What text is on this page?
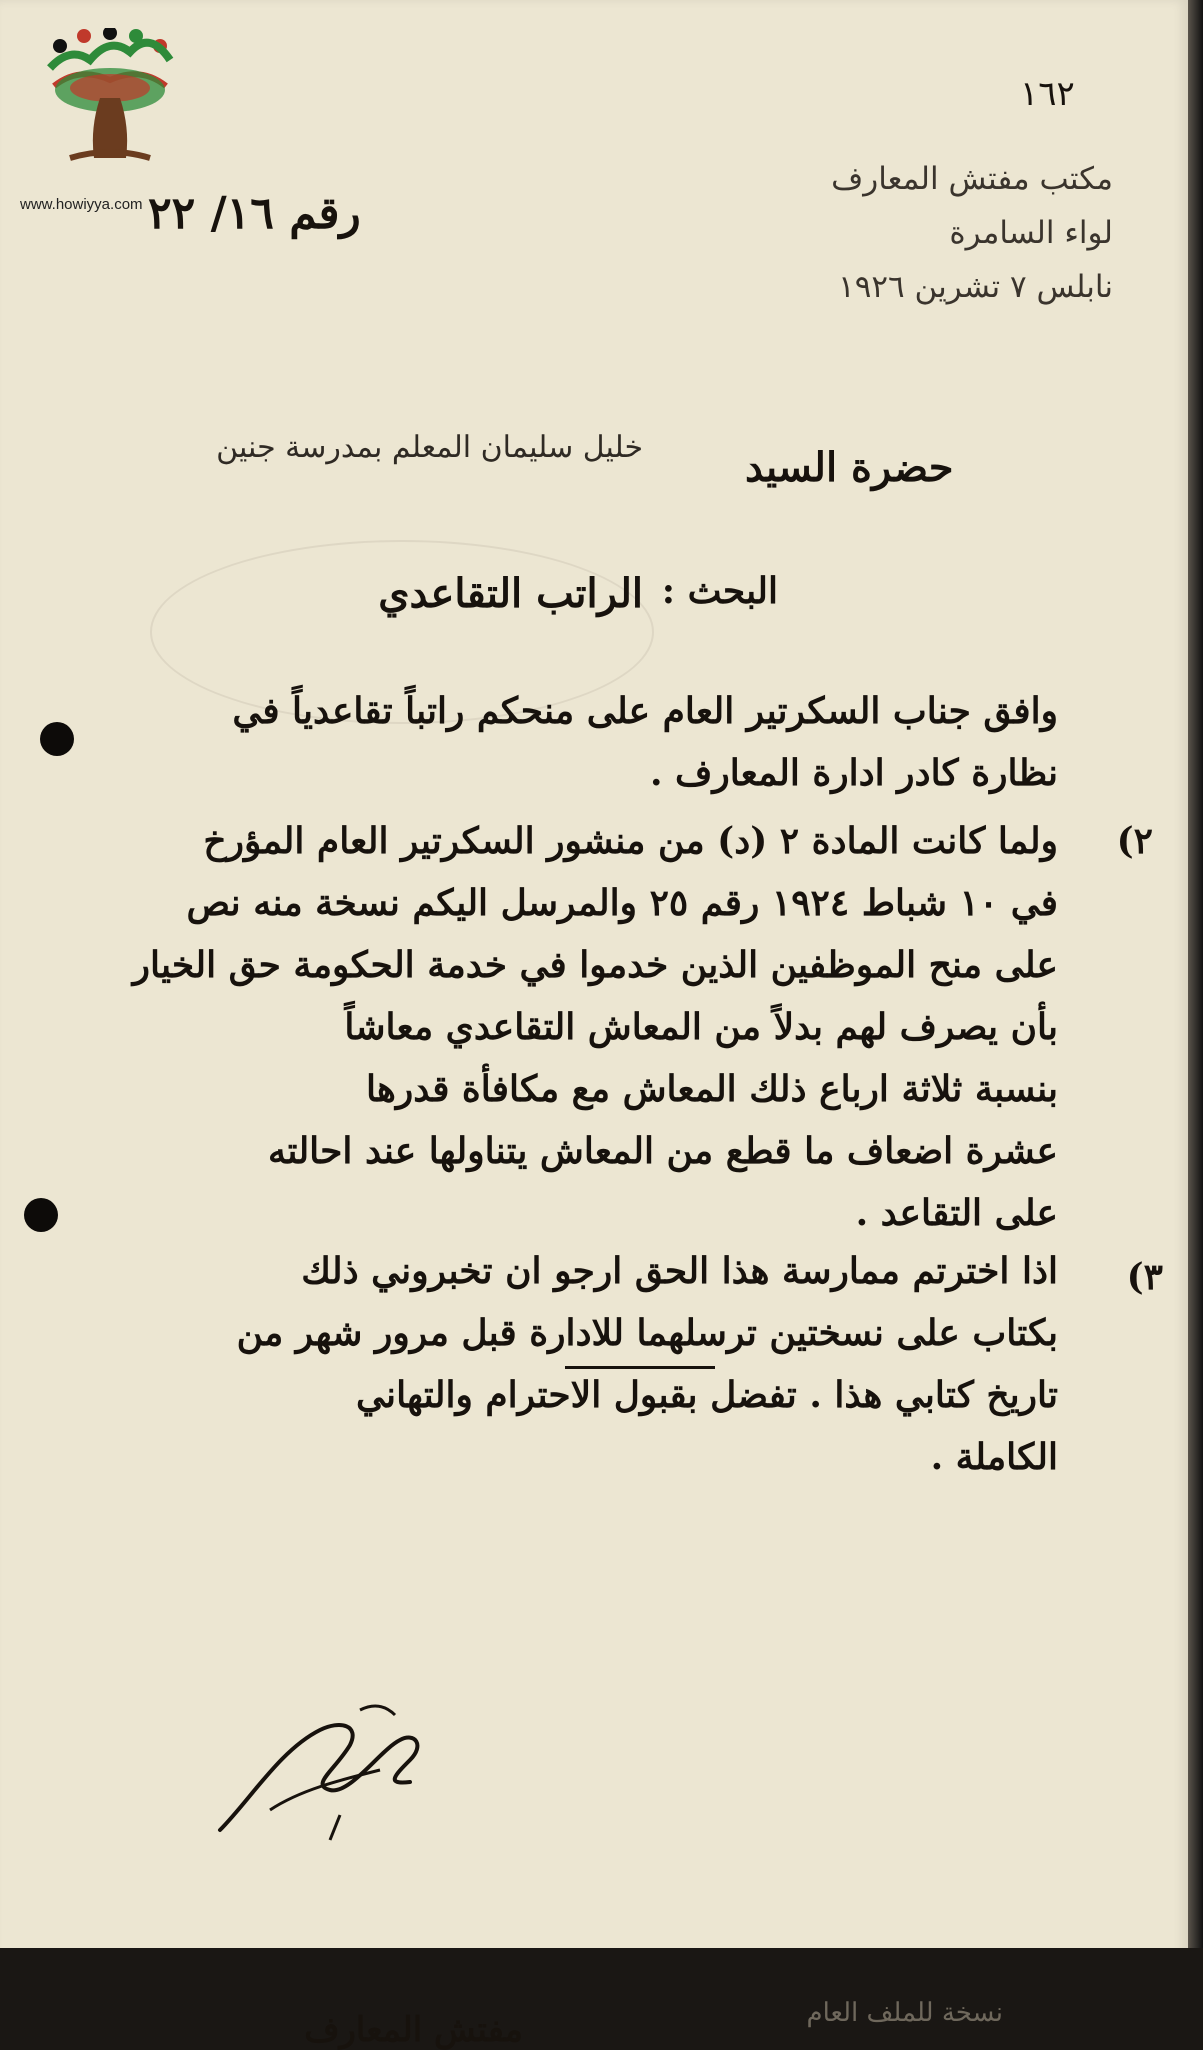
www.howiyya.com
١٦٢
مكتب مفتش المعارف
لواء السامرة
نابلس ٧ تشرين ١٩٢٦
رقم ١٦/ ٢٢
حضرة السيد
خليل سليمان المعلم بمدرسة جنين
الراتب التقاعدي البحث :
وافق جناب السكرتير العام على منحكم راتباً تقاعدياً في
نظارة كادر ادارة المعارف .
٢)
ولما كانت المادة ٢ (د) من منشور السكرتير العام المؤرخ
في ١٠ شباط ١٩٢٤ رقم ٢٥ والمرسل اليكم نسخة منه نص
على منح الموظفين الذين خدموا في خدمة الحكومة حق الخيار
بأن يصرف لهم بدلاً من المعاش التقاعدي معاشاً
بنسبة ثلاثة ارباع ذلك المعاش مع مكافأة قدرها
عشرة اضعاف ما قطع من المعاش يتناولها عند احالته
على التقاعد .
٣)
اذا اخترتم ممارسة هذا الحق ارجو ان تخبروني ذلك
بكتاب على نسختين ترسلهما للادارة قبل مرور شهر من
تاريخ كتابي هذا . تفضل بقبول الاحترام والتهاني
الكاملة .
نسخة للملف العام
مفتش المعارف
